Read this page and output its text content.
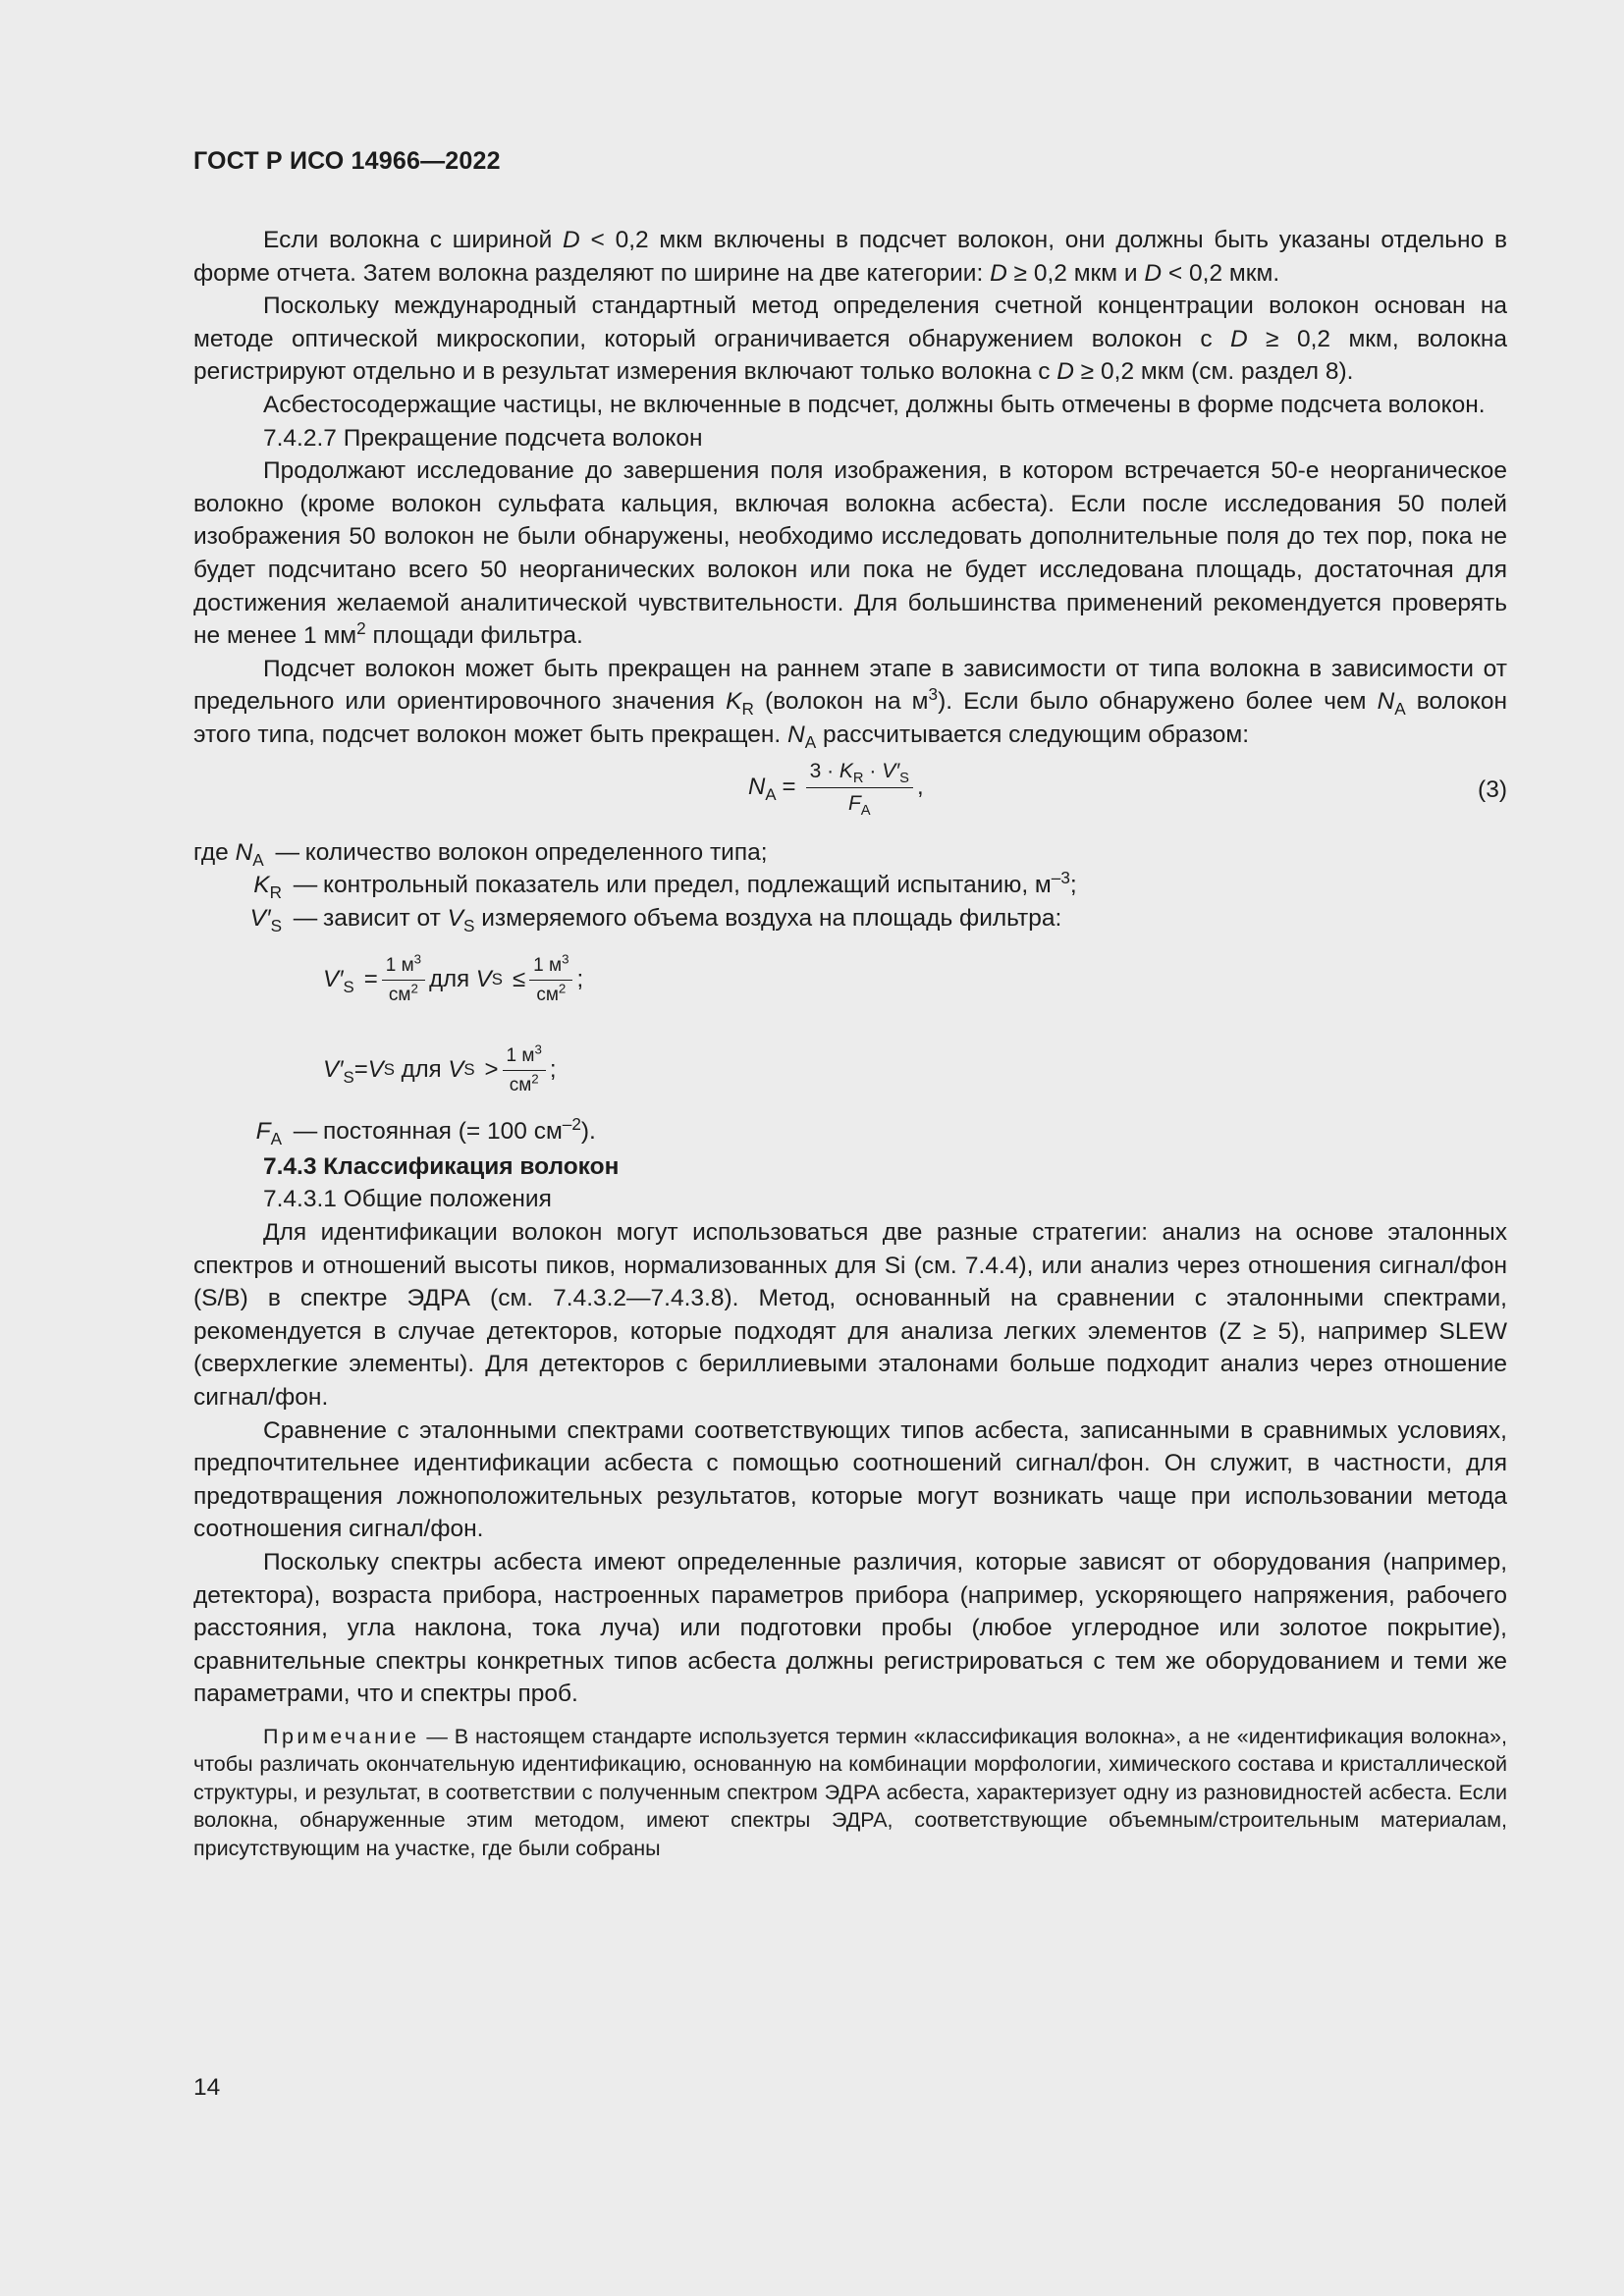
ГОСТ Р ИСО 14966—2022

Если волокна с шириной D < 0,2 мкм включены в подсчет волокон, они должны быть указаны отдельно в форме отчета. Затем волокна разделяют по ширине на две категории: D ≥ 0,2 мкм и D < 0,2 мкм.

Поскольку международный стандартный метод определения счетной концентрации волокон основан на методе оптической микроскопии, который ограничивается обнаружением волокон с D ≥ 0,2 мкм, волокна регистрируют отдельно и в результат измерения включают только волокна с D ≥ 0,2 мкм (см. раздел 8).

Асбестосодержащие частицы, не включенные в подсчет, должны быть отмечены в форме подсчета волокон.

7.4.2.7 Прекращение подсчета волокон

Продолжают исследование до завершения поля изображения, в котором встречается 50-е неорганическое волокно (кроме волокон сульфата кальция, включая волокна асбеста). Если после исследования 50 полей изображения 50 волокон не были обнаружены, необходимо исследовать дополнительные поля до тех пор, пока не будет подсчитано всего 50 неорганических волокон или пока не будет исследована площадь, достаточная для достижения желаемой аналитической чувствительности. Для большинства применений рекомендуется проверять не менее 1 $мм^2$ площади фильтра.

Подсчет волокон может быть прекращен на раннем этапе в зависимости от типа волокна в зависимости от предельного или ориентировочного значения $K_R$ (волокон на $м^3$). Если было обнаружено более чем $N_A$ волокон этого типа, подсчет волокон может быть прекращен. $N_A$ рассчитывается следующим образом:

$N_A = \frac{3 \cdot K_R \cdot V'_S}{F_A}$ ,	(3)
где $N_A$ — количество волокон определенного типа;
$K_R$ — контрольный показатель или предел, подлежащий испытанию, $м^{-3}$;
$V'_S$ — зависит от $V_S$ измеряемого объема воздуха на площадь фильтра:
$V'_S = \frac{1 м^3}{см^2}$ для
V $S \le \frac{1 м^3}{см^2}$ ;
$V'_S = V$ S
для
V $S > \frac{1 м^3}{см^2}$ ;
$F_A$ — постоянная (= 100 $см^{-2}$).

7.4.3 Классификация волокон

7.4.3.1 Общие положения

Для идентификации волокон могут использоваться две разные стратегии: анализ на основе эталонных спектров и отношений высоты пиков, нормализованных для Si (см. 7.4.4), или анализ через отношения сигнал/фон (S/B) в спектре ЭДРА (см. 7.4.3.2—7.4.3.8). Метод, основанный на сравнении с эталонными спектрами, рекомендуется в случае детекторов, которые подходят для анализа легких элементов (Z ≥ 5), например SLEW (сверхлегкие элементы). Для детекторов с бериллиевыми эталонами больше подходит анализ через отношение сигнал/фон.

Сравнение с эталонными спектрами соответствующих типов асбеста, записанными в сравнимых условиях, предпочтительнее идентификации асбеста с помощью соотношений сигнал/фон. Он служит, в частности, для предотвращения ложноположительных результатов, которые могут возникать чаще при использовании метода соотношения сигнал/фон.

Поскольку спектры асбеста имеют определенные различия, которые зависят от оборудования (например, детектора), возраста прибора, настроенных параметров прибора (например, ускоряющего напряжения, рабочего расстояния, угла наклона, тока луча) или подготовки пробы (любое углеродное или золотое покрытие), сравнительные спектры конкретных типов асбеста должны регистрироваться с тем же оборудованием и теми же параметрами, что и спектры проб.

Примечание — В настоящем стандарте используется термин «классификация волокна», а не «идентификация волокна», чтобы различать окончательную идентификацию, основанную на комбинации морфологии, химического состава и кристаллической структуры, и результат, в соответствии с полученным спектром ЭДРА асбеста, характеризует одну из разновидностей асбеста. Если волокна, обнаруженные этим методом, имеют спектры ЭДРА, соответствующие объемным/строительным материалам, присутствующим на участке, где были собраны
14
